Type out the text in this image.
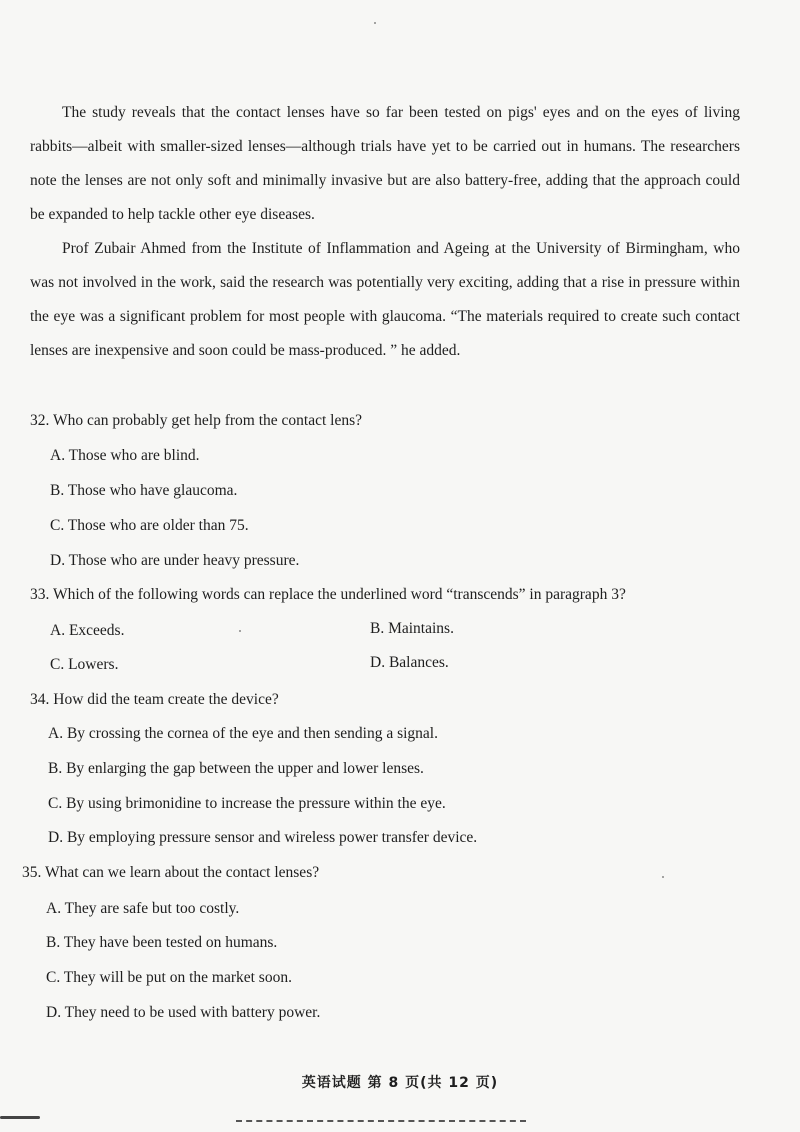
The study reveals that the contact lenses have so far been tested on pigs' eyes and on the eyes of living rabbits—albeit with smaller-sized lenses—although trials have yet to be carried out in humans. The researchers note the lenses are not only soft and minimally invasive but are also battery-free, adding that the approach could be expanded to help tackle other eye diseases.

Prof Zubair Ahmed from the Institute of Inflammation and Ageing at the University of Birmingham, who was not involved in the work, said the research was potentially very exciting, adding that a rise in pressure within the eye was a significant problem for most people with glaucoma. “The materials required to create such contact lenses are inexpensive and soon could be mass-produced. ” he added.

32. Who can probably get help from the contact lens?

A. Those who are blind.

B. Those who have glaucoma.

C. Those who are older than 75.

D. Those who are under heavy pressure.

33. Which of the following words can replace the underlined word “transcends” in paragraph 3?

A. Exceeds.	B. Maintains.

C. Lowers.	D. Balances.

34. How did the team create the device?

A. By crossing the cornea of the eye and then sending a signal.

B. By enlarging the gap between the upper and lower lenses.

C. By using brimonidine to increase the pressure within the eye.

D. By employing pressure sensor and wireless power transfer device.

35. What can we learn about the contact lenses?

A. They are safe but too costly.

B. They have been tested on humans.

C. They will be put on the market soon.

D. They need to be used with battery power.

英语试题 第 8 页(共 12 页)
